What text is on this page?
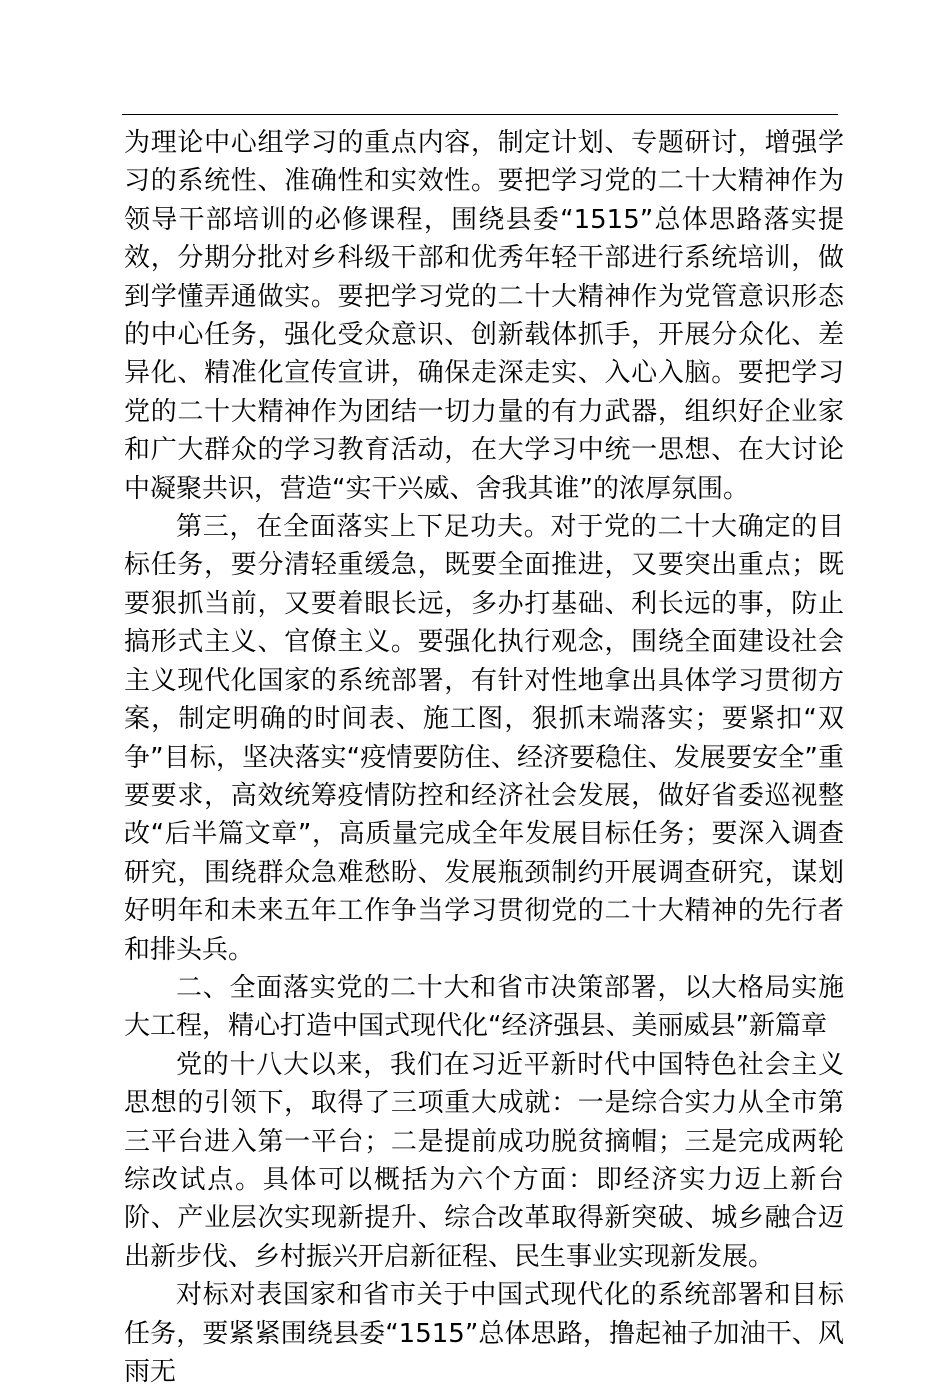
为理论中心组学习的重点内容，制定计划、专题研讨，增强学习的系统性、准确性和实效性。要把学习党的二十大精神作为领导干部培训的必修课程，围绕县委“1515”总体思路落实提效，分期分批对乡科级干部和优秀年轻干部进行系统培训，做到学懂弄通做实。要把学习党的二十大精神作为党管意识形态的中心任务，强化受众意识、创新载体抓手，开展分众化、差异化、精准化宣传宣讲，确保走深走实、入心入脑。要把学习党的二十大精神作为团结一切力量的有力武器，组织好企业家和广大群众的学习教育活动，在大学习中统一思想、在大讨论中凝聚共识，营造“实干兴威、舍我其谁”的浓厚氛围。

第三，在全面落实上下足功夫。对于党的二十大确定的目标任务，要分清轻重缓急，既要全面推进，又要突出重点；既要狠抓当前，又要着眼长远，多办打基础、利长远的事，防止搞形式主义、官僚主义。要强化执行观念，围绕全面建设社会主义现代化国家的系统部署，有针对性地拿出具体学习贯彻方案，制定明确的时间表、施工图，狠抓末端落实；要紧扣“双争”目标，坚决落实“疫情要防住、经济要稳住、发展要安全”重要要求，高效统筹疫情防控和经济社会发展，做好省委巡视整改“后半篇文章”，高质量完成全年发展目标任务；要深入调查研究，围绕群众急难愁盼、发展瓶颈制约开展调查研究，谋划好明年和未来五年工作争当学习贯彻党的二十大精神的先行者和排头兵。

二、全面落实党的二十大和省市决策部署，以大格局实施大工程，精心打造中国式现代化“经济强县、美丽威县”新篇章

党的十八大以来，我们在习近平新时代中国特色社会主义思想的引领下，取得了三项重大成就：一是综合实力从全市第三平台进入第一平台；二是提前成功脱贫摘帽；三是完成两轮综改试点。具体可以概括为六个方面：即经济实力迈上新台阶、产业层次实现新提升、综合改革取得新突破、城乡融合迈出新步伐、乡村振兴开启新征程、民生事业实现新发展。

对标对表国家和省市关于中国式现代化的系统部署和目标任务，要紧紧围绕县委“1515”总体思路，撸起袖子加油干、风雨无
